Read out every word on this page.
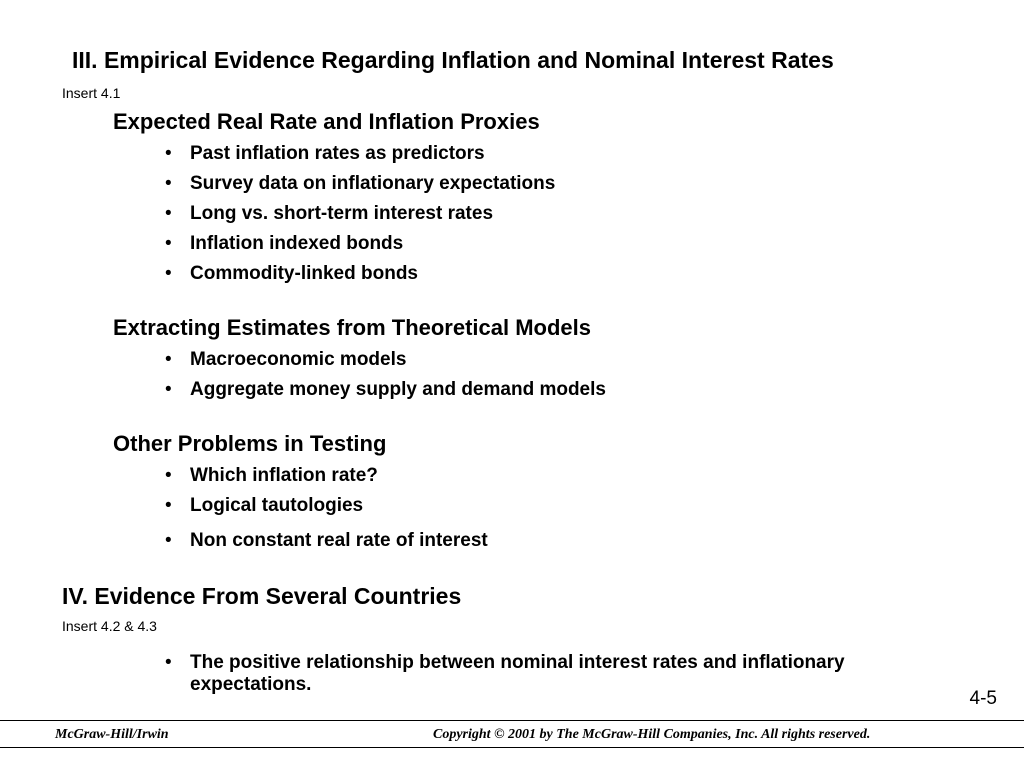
III. Empirical Evidence Regarding Inflation and Nominal Interest Rates
Insert 4.1
Expected Real Rate and Inflation Proxies
• Past inflation rates as predictors
• Survey data on inflationary expectations
• Long vs. short-term interest rates
• Inflation indexed bonds
• Commodity-linked bonds
Extracting Estimates from Theoretical Models
• Macroeconomic models
• Aggregate money supply and demand models
Other Problems in Testing
• Which inflation rate?
• Logical tautologies
• Non constant real rate of interest
IV. Evidence From Several Countries
Insert 4.2 & 4.3
• The positive relationship between nominal interest rates and inflationary expectations.
4-5
McGraw-Hill/Irwin	Copyright © 2001 by The McGraw-Hill Companies, Inc. All rights reserved.
